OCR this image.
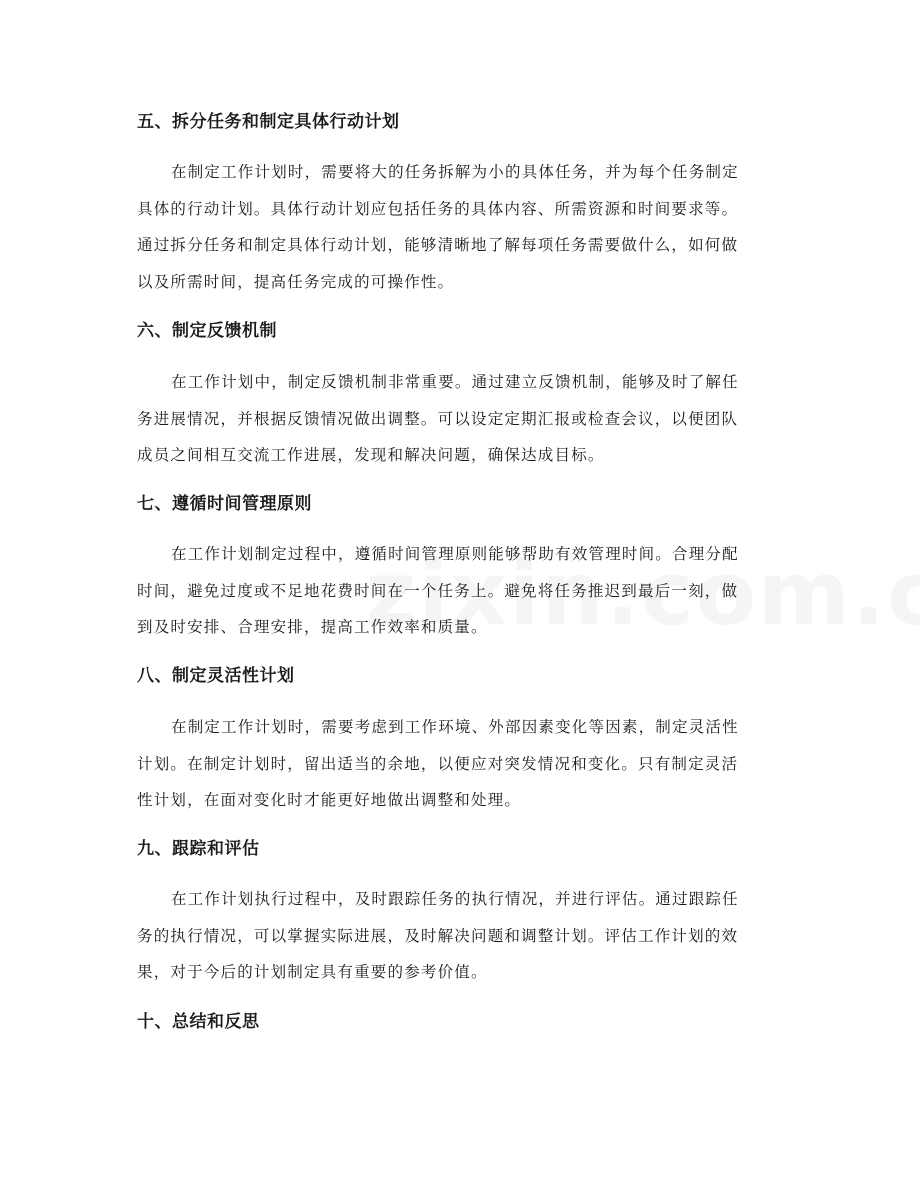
五、拆分任务和制定具体行动计划
在制定工作计划时，需要将大的任务拆解为小的具体任务，并为每个任务制定
具体的行动计划。具体行动计划应包括任务的具体内容、所需资源和时间要求等。
通过拆分任务和制定具体行动计划，能够清晰地了解每项任务需要做什么，如何做
以及所需时间，提高任务完成的可操作性。
六、制定反馈机制
在工作计划中，制定反馈机制非常重要。通过建立反馈机制，能够及时了解任
务进展情况，并根据反馈情况做出调整。可以设定定期汇报或检查会议，以便团队
成员之间相互交流工作进展，发现和解决问题，确保达成目标。
七、遵循时间管理原则
在工作计划制定过程中，遵循时间管理原则能够帮助有效管理时间。合理分配
时间，避免过度或不足地花费时间在一个任务上。避免将任务推迟到最后一刻，做
到及时安排、合理安排，提高工作效率和质量。
八、制定灵活性计划
在制定工作计划时，需要考虑到工作环境、外部因素变化等因素，制定灵活性
计划。在制定计划时，留出适当的余地，以便应对突发情况和变化。只有制定灵活
性计划，在面对变化时才能更好地做出调整和处理。
九、跟踪和评估
在工作计划执行过程中，及时跟踪任务的执行情况，并进行评估。通过跟踪任
务的执行情况，可以掌握实际进展，及时解决问题和调整计划。评估工作计划的效
果，对于今后的计划制定具有重要的参考价值。
十、总结和反思
